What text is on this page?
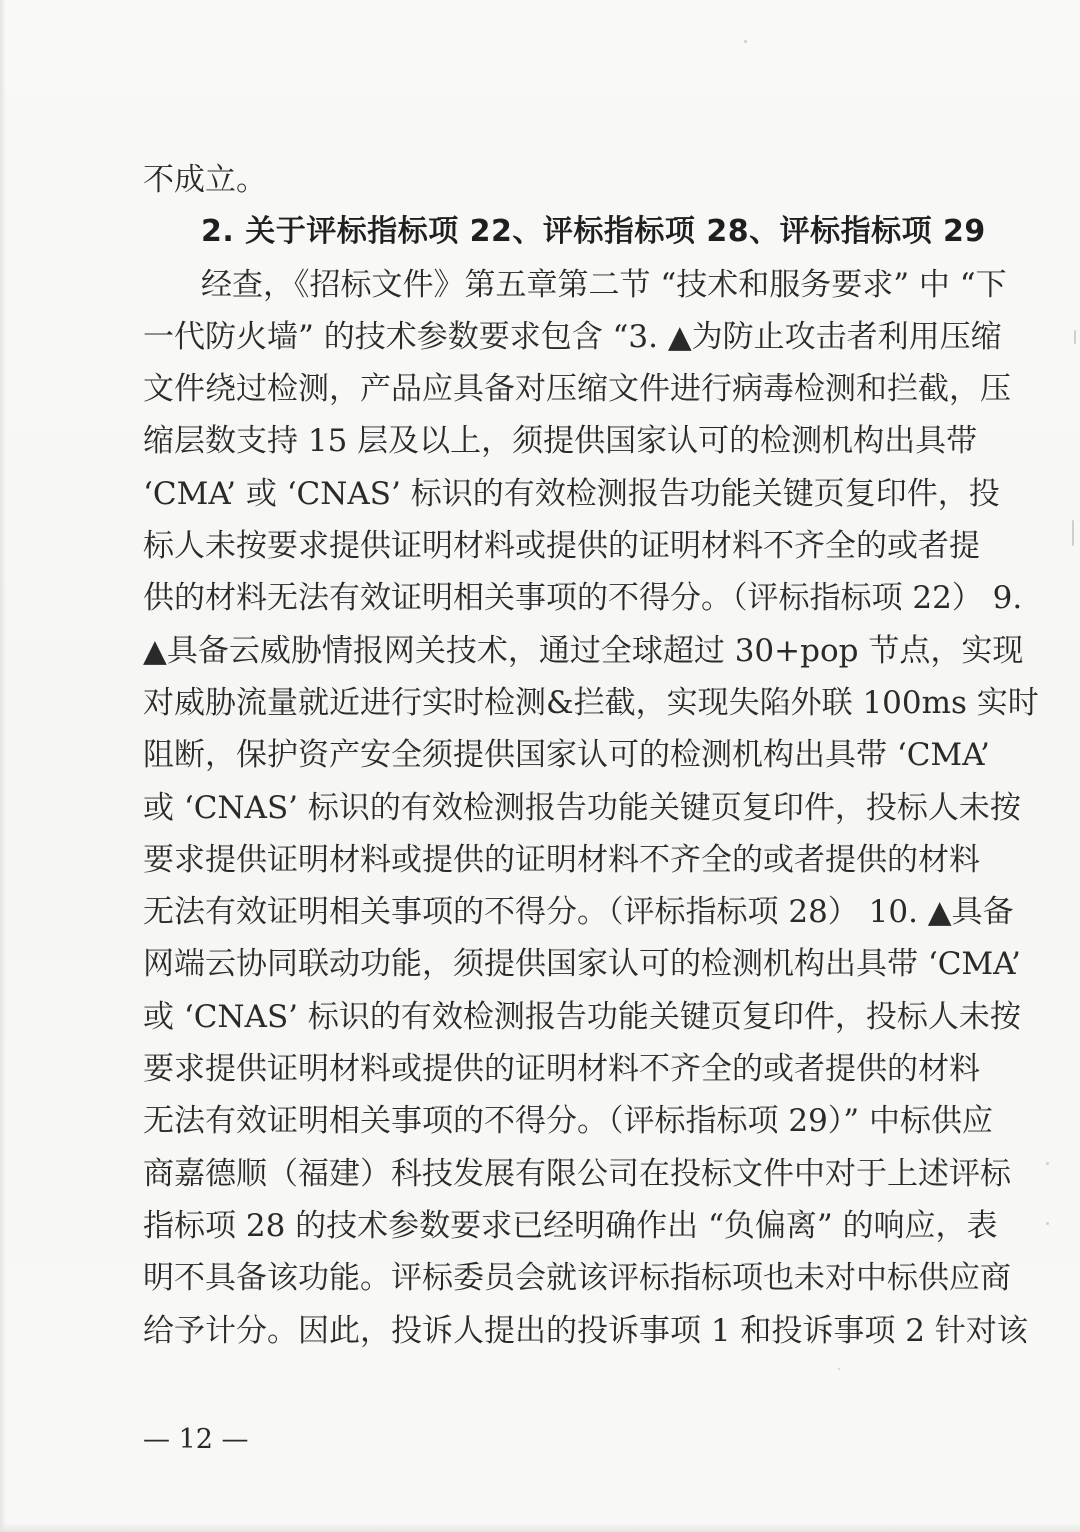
不成立。
2. 关于评标指标项 22、评标指标项 28、评标指标项 29
经查，《招标文件》第五章第二节 “技术和服务要求” 中 “下
一代防火墙” 的技术参数要求包含 “3. ▲为防止攻击者利用压缩
文件绕过检测，产品应具备对压缩文件进行病毒检测和拦截，压
缩层数支持 15 层及以上，须提供国家认可的检测机构出具带
‘CMA’ 或 ‘CNAS’ 标识的有效检测报告功能关键页复印件，投
标人未按要求提供证明材料或提供的证明材料不齐全的或者提
供的材料无法有效证明相关事项的不得分。（评标指标项 22） 9.
▲具备云威胁情报网关技术，通过全球超过 30+pop 节点，实现
对威胁流量就近进行实时检测&拦截，实现失陷外联 100ms 实时
阻断，保护资产安全须提供国家认可的检测机构出具带 ‘CMA’
或 ‘CNAS’ 标识的有效检测报告功能关键页复印件，投标人未按
要求提供证明材料或提供的证明材料不齐全的或者提供的材料
无法有效证明相关事项的不得分。（评标指标项 28） 10. ▲具备
网端云协同联动功能，须提供国家认可的检测机构出具带 ‘CMA’
或 ‘CNAS’ 标识的有效检测报告功能关键页复印件，投标人未按
要求提供证明材料或提供的证明材料不齐全的或者提供的材料
无法有效证明相关事项的不得分。（评标指标项 29）” 中标供应
商嘉德顺（福建）科技发展有限公司在投标文件中对于上述评标
指标项 28 的技术参数要求已经明确作出 “负偏离” 的响应，表
明不具备该功能。评标委员会就该评标指标项也未对中标供应商
给予计分。因此，投诉人提出的投诉事项 1 和投诉事项 2 针对该
— 12 —
